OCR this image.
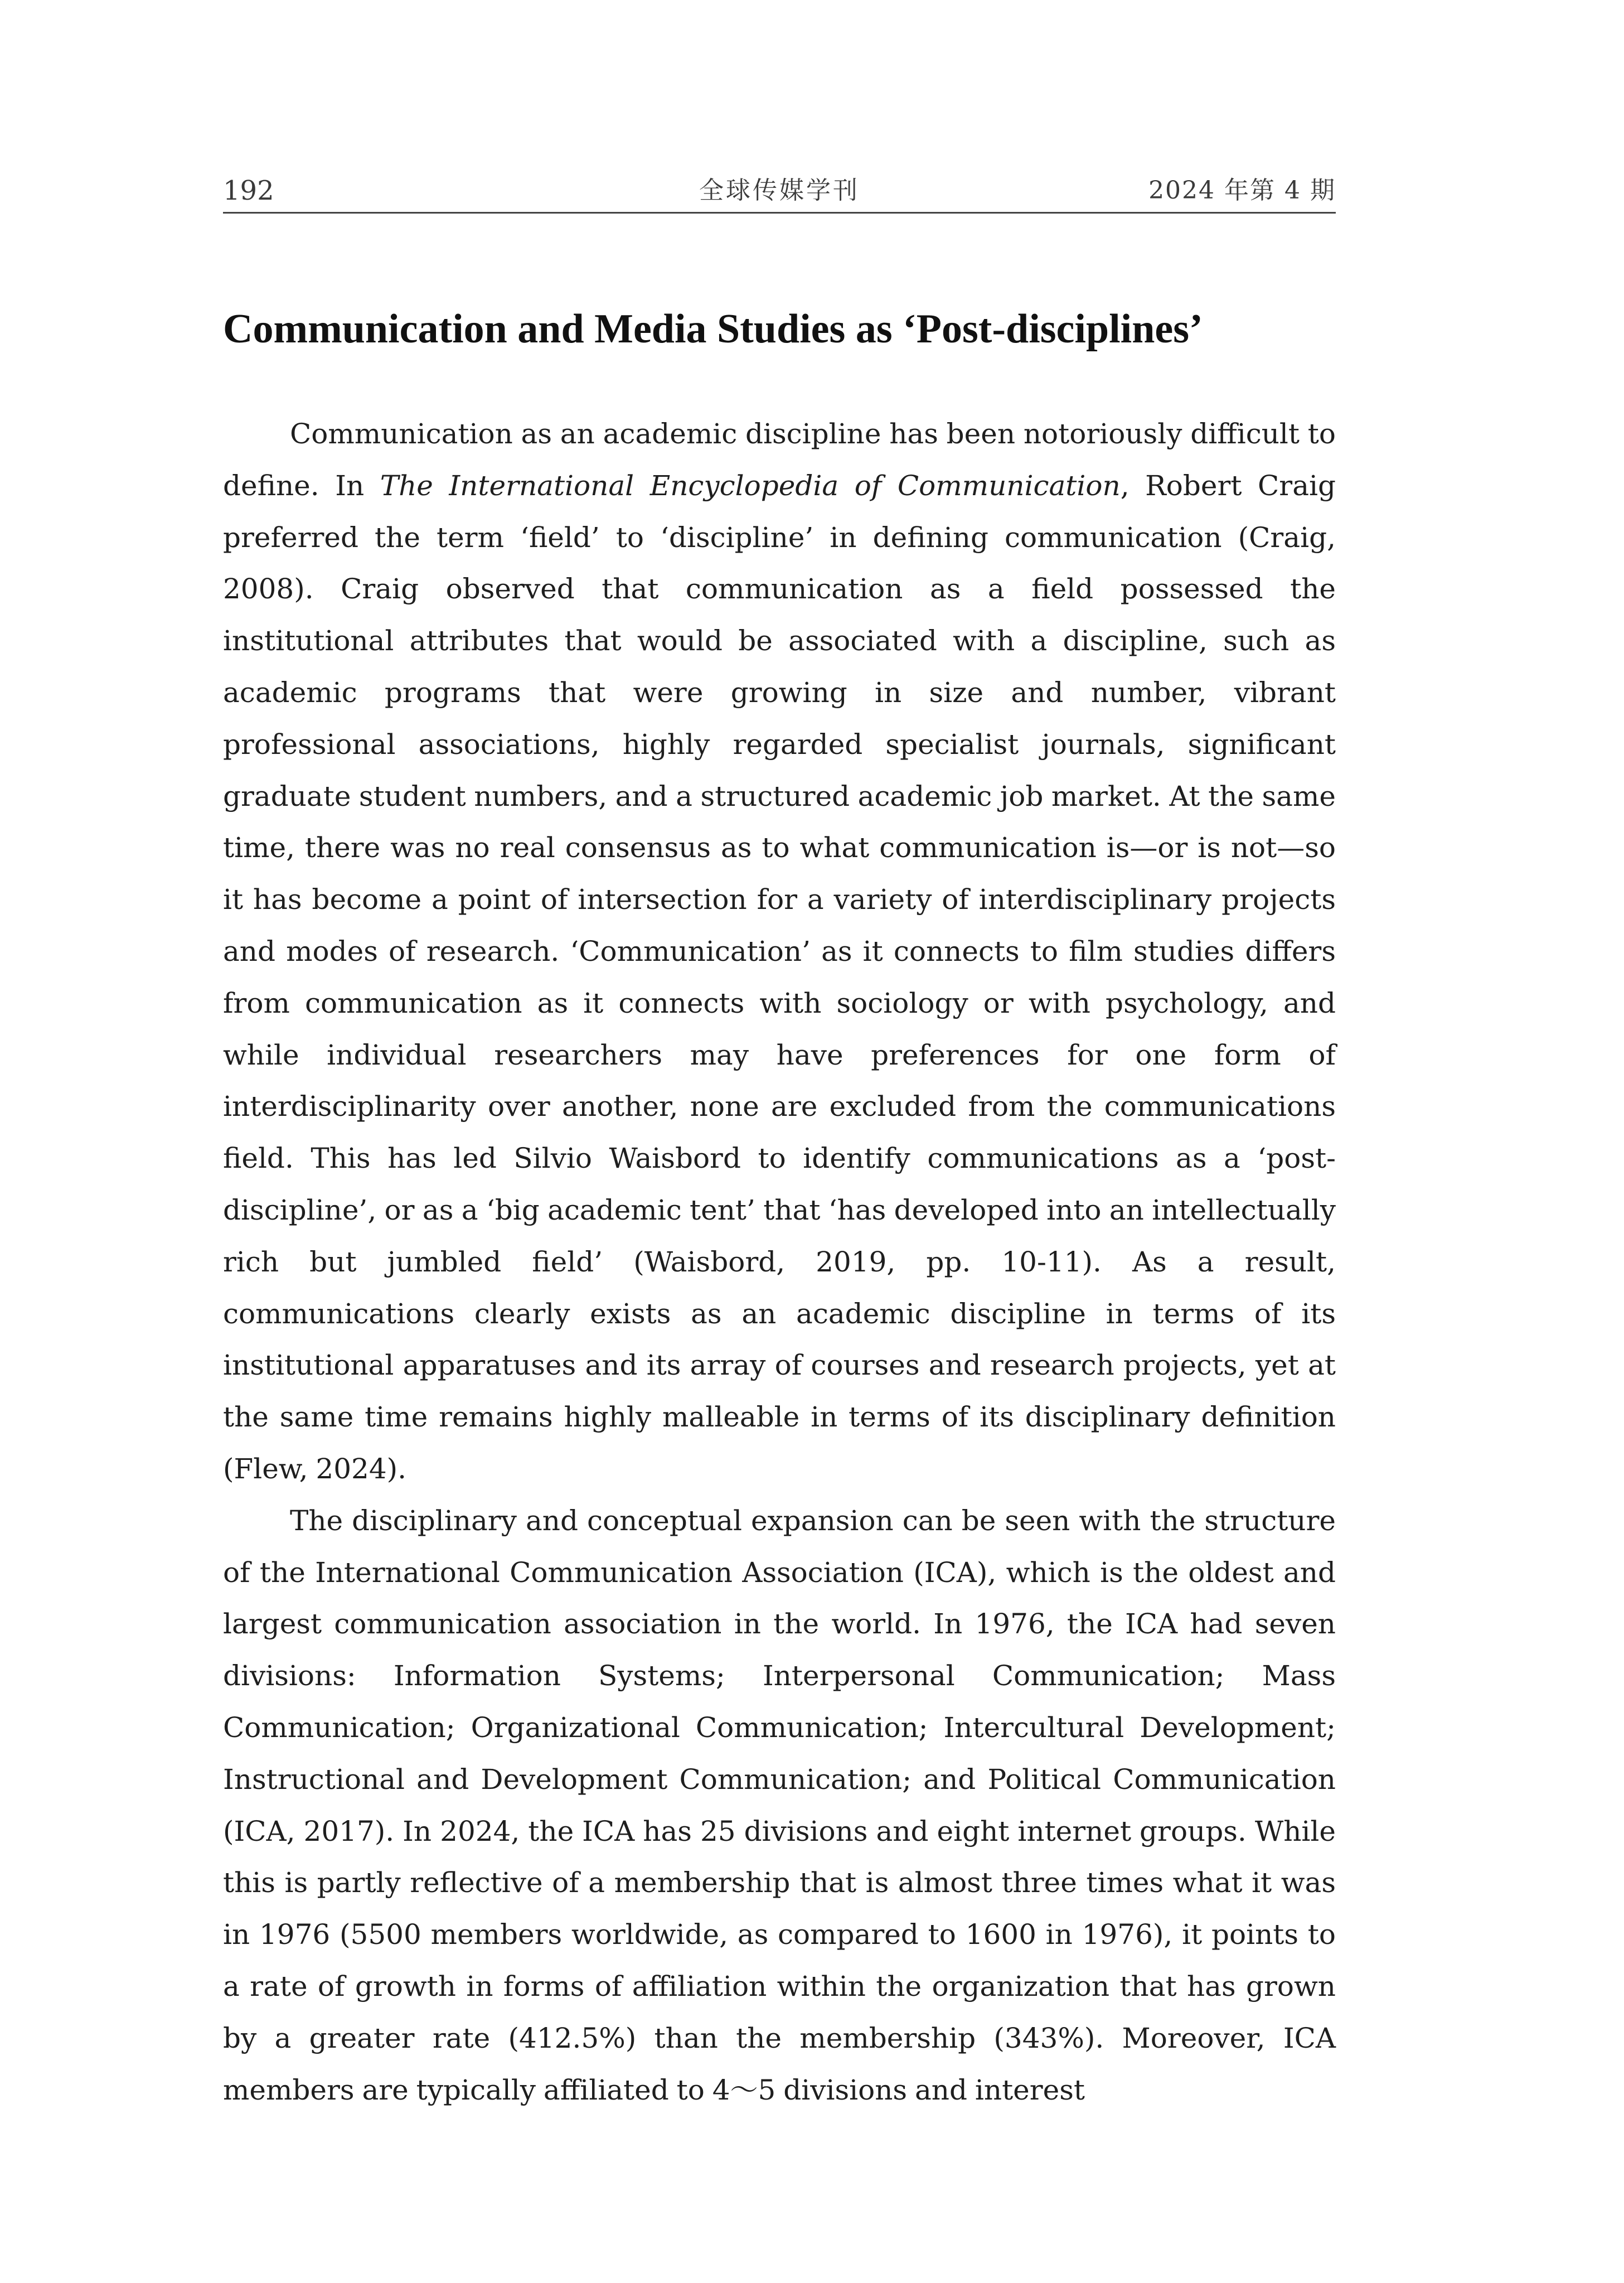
192	全球传媒学刊	2024 年第 4 期
Communication and Media Studies as ‘Post-disciplines’

Communication as an academic discipline has been notoriously difficult to define. In The International Encyclopedia of Communication, Robert Craig preferred the term ‘field’ to ‘discipline’ in defining communication (Craig, 2008). Craig observed that communication as a field possessed the institutional attributes that would be associated with a discipline, such as academic programs that were growing in size and number, vibrant professional associations, highly regarded specialist journals, significant graduate student numbers, and a structured academic job market. At the same time, there was no real consensus as to what communication is—or is not—so it has become a point of intersection for a variety of interdisciplinary projects and modes of research. ‘Communication’ as it connects to film studies differs from communication as it connects with sociology or with psychology, and while individual researchers may have preferences for one form of interdisciplinarity over another, none are excluded from the communications field. This has led Silvio Waisbord to identify communications as a ‘post-discipline’, or as a ‘big academic tent’ that ‘has developed into an intellectually rich but jumbled field’ (Waisbord, 2019, pp. 10-11). As a result, communications clearly exists as an academic discipline in terms of its institutional apparatuses and its array of courses and research projects, yet at the same time remains highly malleable in terms of its disciplinary definition (Flew, 2024).

The disciplinary and conceptual expansion can be seen with the structure of the International Communication Association (ICA), which is the oldest and largest communication association in the world. In 1976, the ICA had seven divisions: Information Systems; Interpersonal Communication; Mass Communication; Organizational Communication; Intercultural Development; Instructional and Development Communication; and Political Communication (ICA, 2017). In 2024, the ICA has 25 divisions and eight internet groups. While this is partly reflective of a membership that is almost three times what it was in 1976 (5500 members worldwide, as compared to 1600 in 1976), it points to a rate of growth in forms of affiliation within the organization that has grown by a greater rate (412.5%) than the membership (343%). Moreover, ICA members are typically affiliated to 4～5 divisions and interest
